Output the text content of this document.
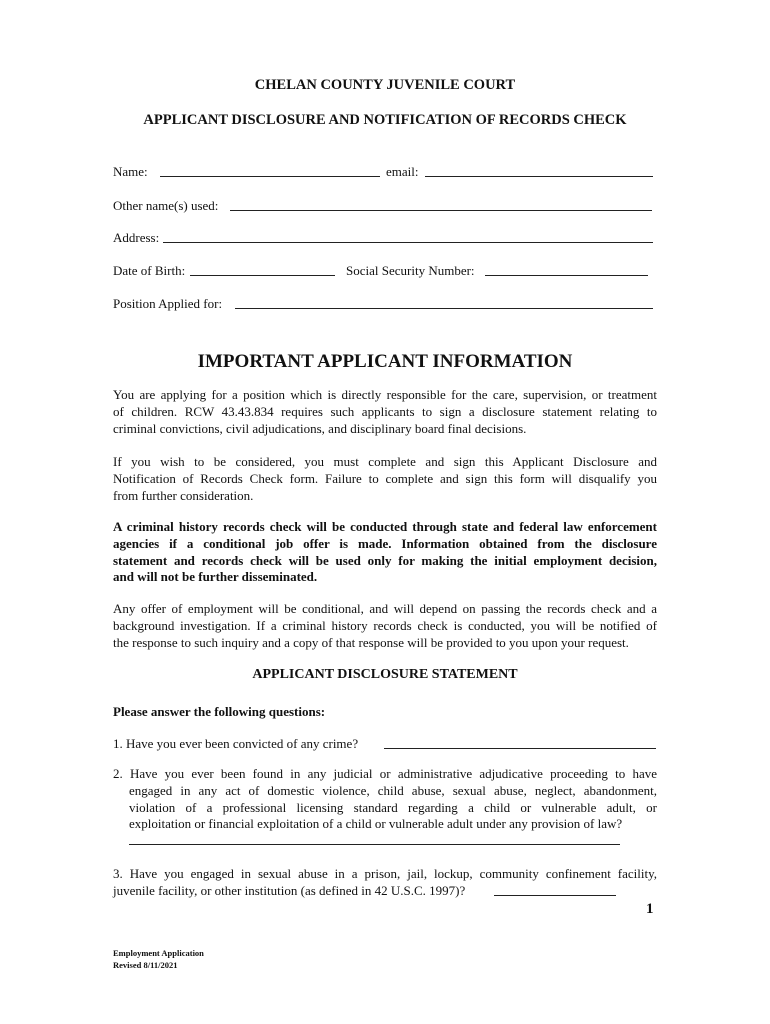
CHELAN COUNTY JUVENILE COURT
APPLICANT DISCLOSURE AND NOTIFICATION OF RECORDS CHECK
Name:	email:
Other name(s) used:
Address:
Date of Birth:	Social Security Number:
Position Applied for:
IMPORTANT APPLICANT INFORMATION
You are applying for a position which is directly responsible for the care, supervision, or treatment
of children. RCW 43.43.834 requires such applicants to sign a disclosure statement relating to
criminal convictions, civil adjudications, and disciplinary board final decisions.
If you wish to be considered, you must complete and sign this Applicant Disclosure and
Notification of Records Check form. Failure to complete and sign this form will disqualify you
from further consideration.
A criminal history records check will be conducted through state and federal law enforcement
agencies if a conditional job offer is made. Information obtained from the disclosure
statement and records check will be used only for making the initial employment decision,
and will not be further disseminated.
Any offer of employment will be conditional, and will depend on passing the records check and a
background investigation. If a criminal history records check is conducted, you will be notified of
the response to such inquiry and a copy of that response will be provided to you upon your request.
APPLICANT DISCLOSURE STATEMENT
Please answer the following questions:
1. Have you ever been convicted of any crime?
2. Have you ever been found in any judicial or administrative adjudicative proceeding to have
engaged in any act of domestic violence, child abuse, sexual abuse, neglect, abandonment,
violation of a professional licensing standard regarding a child or vulnerable adult, or
exploitation or financial exploitation of a child or vulnerable adult under any provision of law?
3. Have you engaged in sexual abuse in a prison, jail, lockup, community confinement facility,
juvenile facility, or other institution (as defined in 42 U.S.C. 1997)?
1
Employment Application
Revised 8/11/2021
